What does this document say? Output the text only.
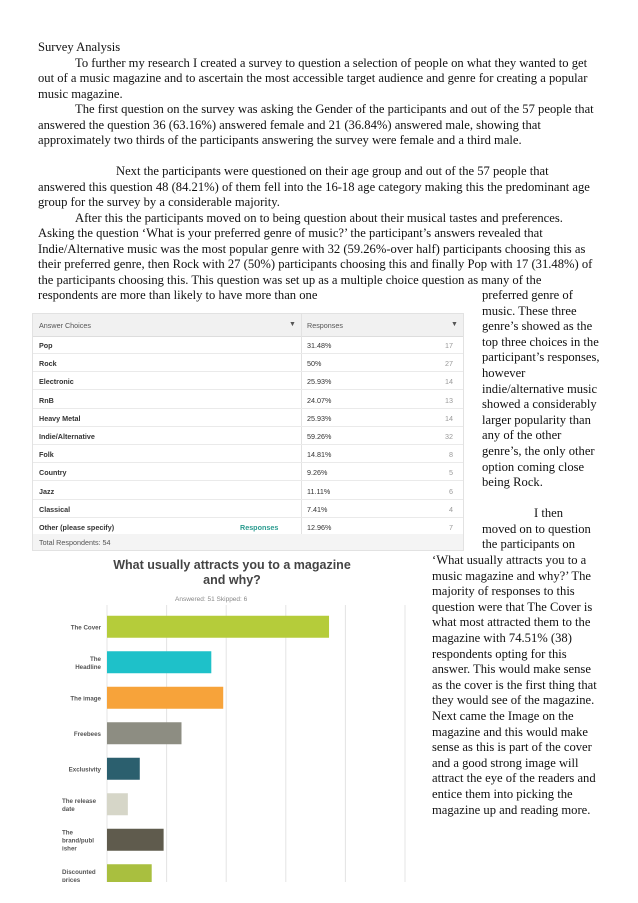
Survey Analysis

To further my research I created a survey to question a selection of people on what they wanted to get out of a music magazine and to ascertain the most accessible target audience and genre for creating a popular music magazine.

The first question on the survey was asking the Gender of the participants and out of the 57 people that answered the question 36 (63.16%) answered female and 21 (36.84%) answered male, showing that approximately two thirds of the participants answering the survey were female and a third male.

Next the participants were questioned on their age group and out of the 57 people that answered this question 48 (84.21%) of them fell into the 16-18 age category making this the predominant age group for the survey by a considerable majority.

After this the participants moved on to being question about their musical tastes and preferences. Asking the question ‘What is your preferred genre of music?’ the participant’s answers revealed that Indie/Alternative music was the most popular genre with 32 (59.26%-over half) participants choosing this as their preferred genre, then Rock with 27 (50%) participants choosing this and finally Pop with 17 (31.48%) of the participants choosing this. This question was set up as a multiple choice question as many of the respondents are more than likely to have more than one	preferred genre of music. These three genre’s showed as the top three choices in the participant’s responses, however indie/alternative music showed a considerably larger popularity than any of the other genre’s, the only other option coming close being Rock.

I then moved on to question the participants on

‘What usually attracts you to a music magazine and why?’ The majority of responses to this question were that The Cover is what most attracted them to the magazine with 74.51% (38) respondents opting for this answer. This would make sense as the cover is the first thing that they would see of the magazine. Next came the Image on the magazine and this would make sense as this is part of the cover and a good strong image will attract the eye of the readers and entice them into picking the magazine up and reading more.

Answer Choices	▼ Responses	▼
Pop	31.48%	17
Rock	50%	27
Electronic	25.93%	14
RnB	24.07%	13
Heavy Metal	25.93%	14
Indie/Alternative	59.26%	32
Folk	14.81%	8
Country	9.26%	5
Jazz	11.11%	6
Classical	7.41%	4
Other (please specify)	Responses	12.96%	7
Total Respondents: 54
What usually attracts you to a magazine and why?
Answered: 51 Skipped: 6
The Cover
The Headline
The image
Freebees
Exclusivity
The release date
The brand/publ isher
Discounted prices
